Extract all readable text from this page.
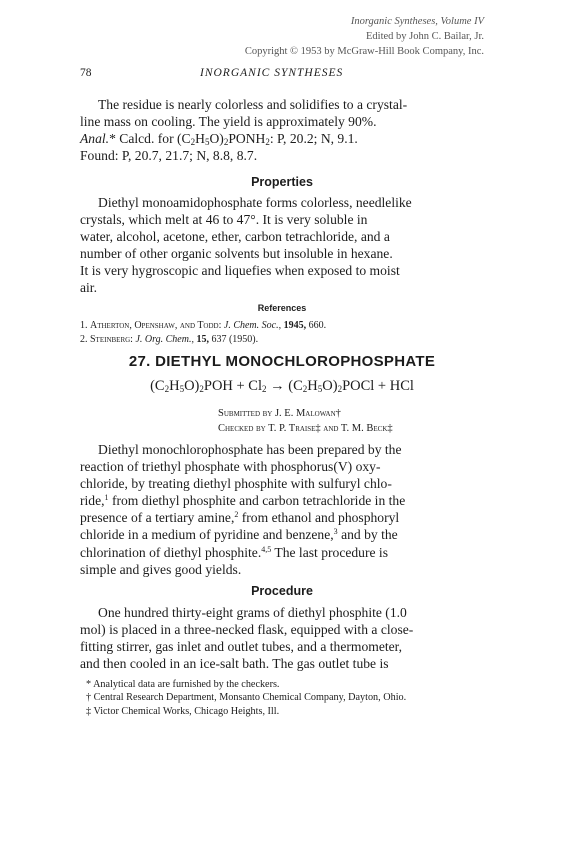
Inorganic Syntheses, Volume IV
Edited by John C. Bailar, Jr.
Copyright © 1953 by McGraw-Hill Book Company, Inc.
78	INORGANIC SYNTHESES
The residue is nearly colorless and solidifies to a crystal-
line mass on cooling. The yield is approximately 90%.
Anal.* Calcd. for $(C_2H_5O)_2PONH_2$: P, 20.2; N, 9.1.
Found: P, 20.7, 21.7; N, 8.8, 8.7.
Properties
Diethyl monoamidophosphate forms colorless, needlelike
crystals, which melt at 46 to 47°. It is very soluble in
water, alcohol, acetone, ether, carbon tetrachloride, and a
number of other organic solvents but insoluble in hexane.
It is very hygroscopic and liquefies when exposed to moist
air.
References
1. Atherton, Openshaw, and Todd: J. Chem. Soc., 1945, 660.
2. Steinberg: J. Org. Chem., 15, 637 (1950).
27. DIETHYL MONOCHLOROPHOSPHATE
$(C_2H_5O)_2POH + Cl_2$ → $(C_2H_5O)_2POCl$ + HCl
Submitted by J. E. Malowan†
Checked by T. P. Traise‡ and T. M. Beck‡
Diethyl monochlorophosphate has been prepared by the
reaction of triethyl phosphate with phosphorus(V) oxy-
chloride, by treating diethyl phosphite with sulfuryl chlo-
ride,$^1$ from diethyl phosphite and carbon tetrachloride in the
presence of a tertiary amine,$^2$ from ethanol and phosphoryl
chloride in a medium of pyridine and benzene,$^3$ and by the
chlorination of diethyl phosphite.$^{4,5}$ The last procedure is
simple and gives good yields.
Procedure
One hundred thirty-eight grams of diethyl phosphite (1.0
mol) is placed in a three-necked flask, equipped with a close-
fitting stirrer, gas inlet and outlet tubes, and a thermometer,
and then cooled in an ice-salt bath. The gas outlet tube is
* Analytical data are furnished by the checkers.
† Central Research Department, Monsanto Chemical Company, Dayton, Ohio.
‡ Victor Chemical Works, Chicago Heights, Ill.
